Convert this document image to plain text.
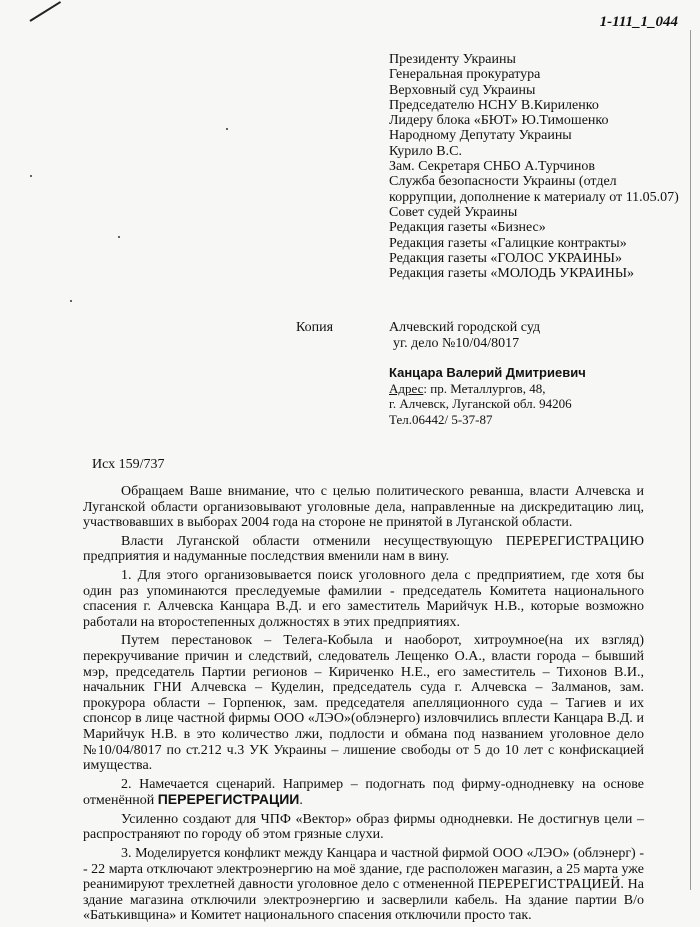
1-111_1_044
Президенту Украины
Генеральная прокуратура
Верховный суд Украины
Председателю НСНУ В.Кириленко
Лидеру блока «БЮТ» Ю.Тимошенко
Народному Депутату Украины
Курило В.С.
Зам. Секретаря СНБО А.Турчинов
Служба безопасности Украины (отдел коррупции, дополнение к материалу от 11.05.07)
Совет судей Украины
Редакция газеты «Бизнес»
Редакция газеты «Галицкие контракты»
Редакция газеты «ГОЛОС УКРАИНЫ»
Редакция газеты «МОЛОДЬ УКРАИНЫ»
Копия	Алчевский городской суд
уг. дело №10/04/8017
Канцара Валерий Дмитриевич
Адрес: пр. Металлургов, 48,
г. Алчевск, Луганской обл. 94206
Тел.06442/ 5-37-87
Исх 159/737

Обращаем Ваше внимание, что с целью политического реванша, власти Алчевска и Луганской области организовывают уголовные дела, направленные на дискредитацию лиц, участвовавших в выборах 2004 года на стороне не принятой в Луганской области.

Власти Луганской области отменили несуществующую ПЕРЕРЕГИСТРАЦИЮ предприятия и надуманные последствия вменили нам в вину.

1. Для этого организовывается поиск уголовного дела с предприятием, где хотя бы один раз упоминаются преследуемые фамилии - председатель Комитета национального спасения г. Алчевска Канцара В.Д. и его заместитель Марийчук Н.В., которые возможно работали на второстепенных должностях в этих предприятиях.

Путем перестановок – Телега-Кобыла и наоборот, хитроумное(на их взгляд) перекручивание причин и следствий, следователь Лещенко О.А., власти города – бывший мэр, председатель Партии регионов – Кириченко Н.Е., его заместитель – Тихонов В.И., начальник ГНИ Алчевска – Куделин, председатель суда г. Алчевска – Залманов, зам. прокурора области – Горпенюк, зам. председателя апелляционного суда – Тагиев и их спонсор в лице частной фирмы ООО «ЛЭО»(облэнерго) изловчились вплести Канцара В.Д. и Марийчук Н.В. в это количество лжи, подлости и обмана под названием уголовное дело №10/04/8017 по ст.212 ч.3 УК Украины – лишение свободы от 5 до 10 лет с конфискацией имущества.

2. Намечается сценарий. Например – подогнать под фирму-однодневку на основе отменённой ПЕРЕРЕГИСТРАЦИИ.

Усиленно создают для ЧПФ «Вектор» образ фирмы однодневки. Не достигнув цели – распространяют по городу об этом грязные слухи.

3. Моделируется конфликт между Канцара и частной фирмой ООО «ЛЭО» (облэнерг) -- 22 марта отключают электроэнергию на моё здание, где расположен магазин, а 25 марта уже реанимируют трехлетней давности уголовное дело с отмененной ПЕРЕРЕГИСТРАЦИЕЙ. На здание магазина отключили электроэнергию и засверлили кабель. На здание партии В/о «Батькивщина» и Комитет национального спасения отключили просто так.
